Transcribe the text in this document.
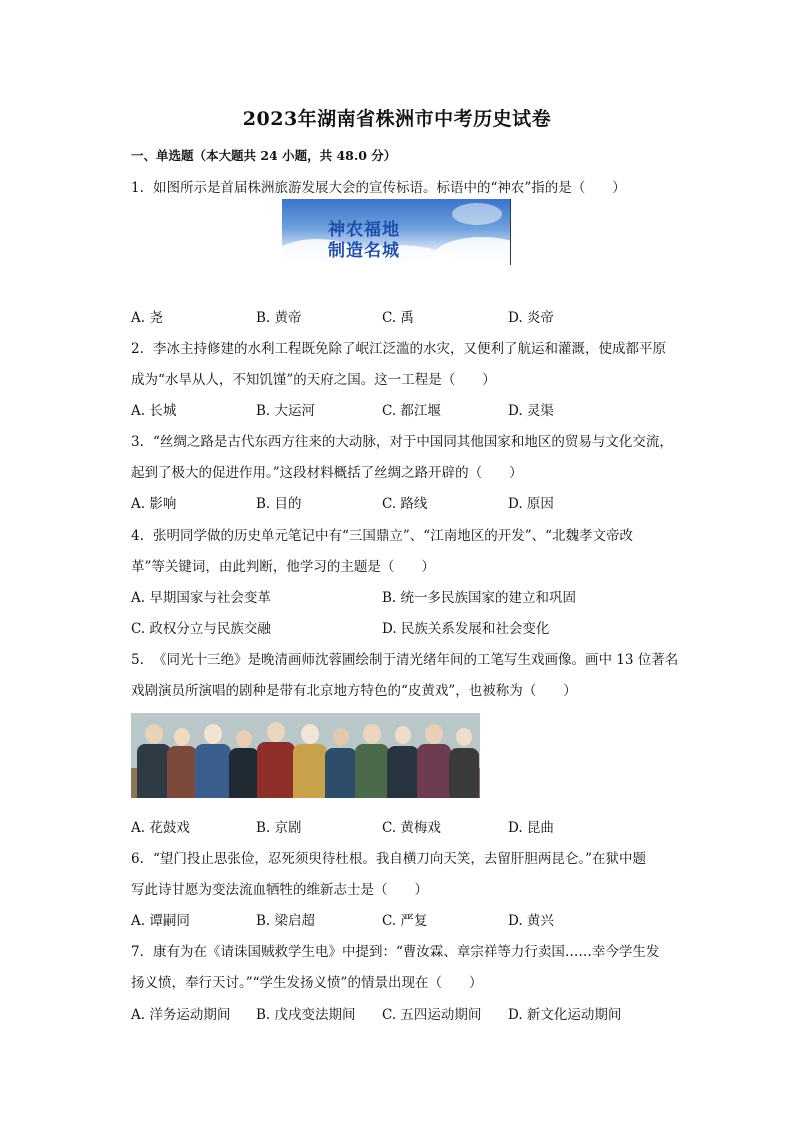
2023年湖南省株洲市中考历史试卷
一、单选题（本大题共 24 小题，共 48.0 分）
1. 如图所示是首届株洲旅游发展大会的宣传标语。标语中的“神农”指的是（　　）
神农福地
制造名城
A. 尧	B. 黄帝	C. 禹	D. 炎帝
2. 李冰主持修建的水利工程既免除了岷江泛滥的水灾，又便利了航运和灌溉，使成都平原
成为“水旱从人，不知饥馑”的天府之国。这一工程是（　　）
A. 长城	B. 大运河	C. 都江堰	D. 灵渠
3. “丝绸之路是古代东西方往来的大动脉，对于中国同其他国家和地区的贸易与文化交流，
起到了极大的促进作用。”这段材料概括了丝绸之路开辟的（　　）
A. 影响	B. 目的	C. 路线	D. 原因
4. 张明同学做的历史单元笔记中有“三国鼎立”、“江南地区的开发”、“北魏孝文帝改
革”等关键词，由此判断，他学习的主题是（　　）
A. 早期国家与社会变革	B. 统一多民族国家的建立和巩固
C. 政权分立与民族交融	D. 民族关系发展和社会变化
5. 《同光十三绝》是晚清画师沈蓉圃绘制于清光绪年间的工笔写生戏画像。画中 13 位著名
戏剧演员所演唱的剧种是带有北京地方特色的“皮黄戏”，也被称为（　　）
A. 花鼓戏	B. 京剧	C. 黄梅戏	D. 昆曲
6. “望门投止思张俭，忍死须臾待杜根。我自横刀向天笑，去留肝胆两昆仑。”在狱中题
写此诗甘愿为变法流血牺牲的维新志士是（　　）
A. 谭嗣同	B. 梁启超	C. 严复	D. 黄兴
7. 康有为在《请诛国贼救学生电》中提到：“曹汝霖、章宗祥等力行卖国……幸今学生发
扬义愤，奉行天讨。”“学生发扬义愤”的情景出现在（　　）
A. 洋务运动期间 B. 戊戌变法期间 C. 五四运动期间 D. 新文化运动期间
